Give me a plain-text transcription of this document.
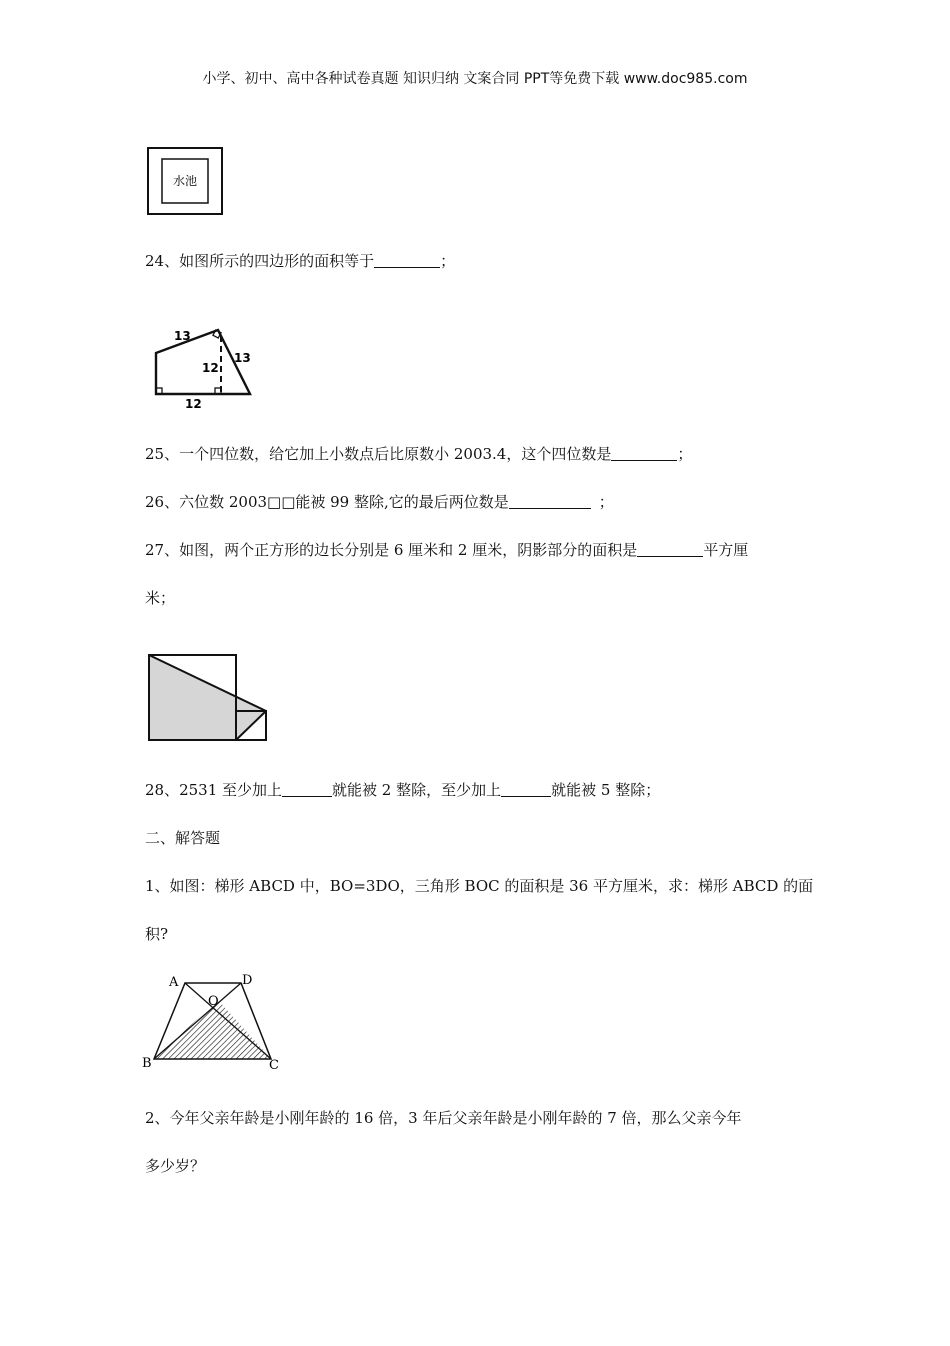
小学、初中、高中各种试卷真题 知识归纳 文案合同 PPT等免费下载 www.doc985.com
水池
24、如图所示的四边形的面积等于	；
13
12
13
12
25、一个四位数，给它加上小数点后比原数小 2003.4，这个四位数是	；
26、六位数 2003□□能被 99 整除,它的最后两位数是	；
27、如图，两个正方形的边长分别是 6 厘米和 2 厘米，阴影部分的面积是	平方厘
米；
28、2531 至少加上	就能被 2 整除，至少加上	就能被 5 整除；
二、解答题
1、如图：梯形 ABCD 中，BO=3DO，三角形 BOC 的面积是 36 平方厘米，求：梯形 ABCD 的面
积?
A	D
O
B	C
2、今年父亲年龄是小刚年龄的 16 倍，3 年后父亲年龄是小刚年龄的 7 倍，那么父亲今年
多少岁？
